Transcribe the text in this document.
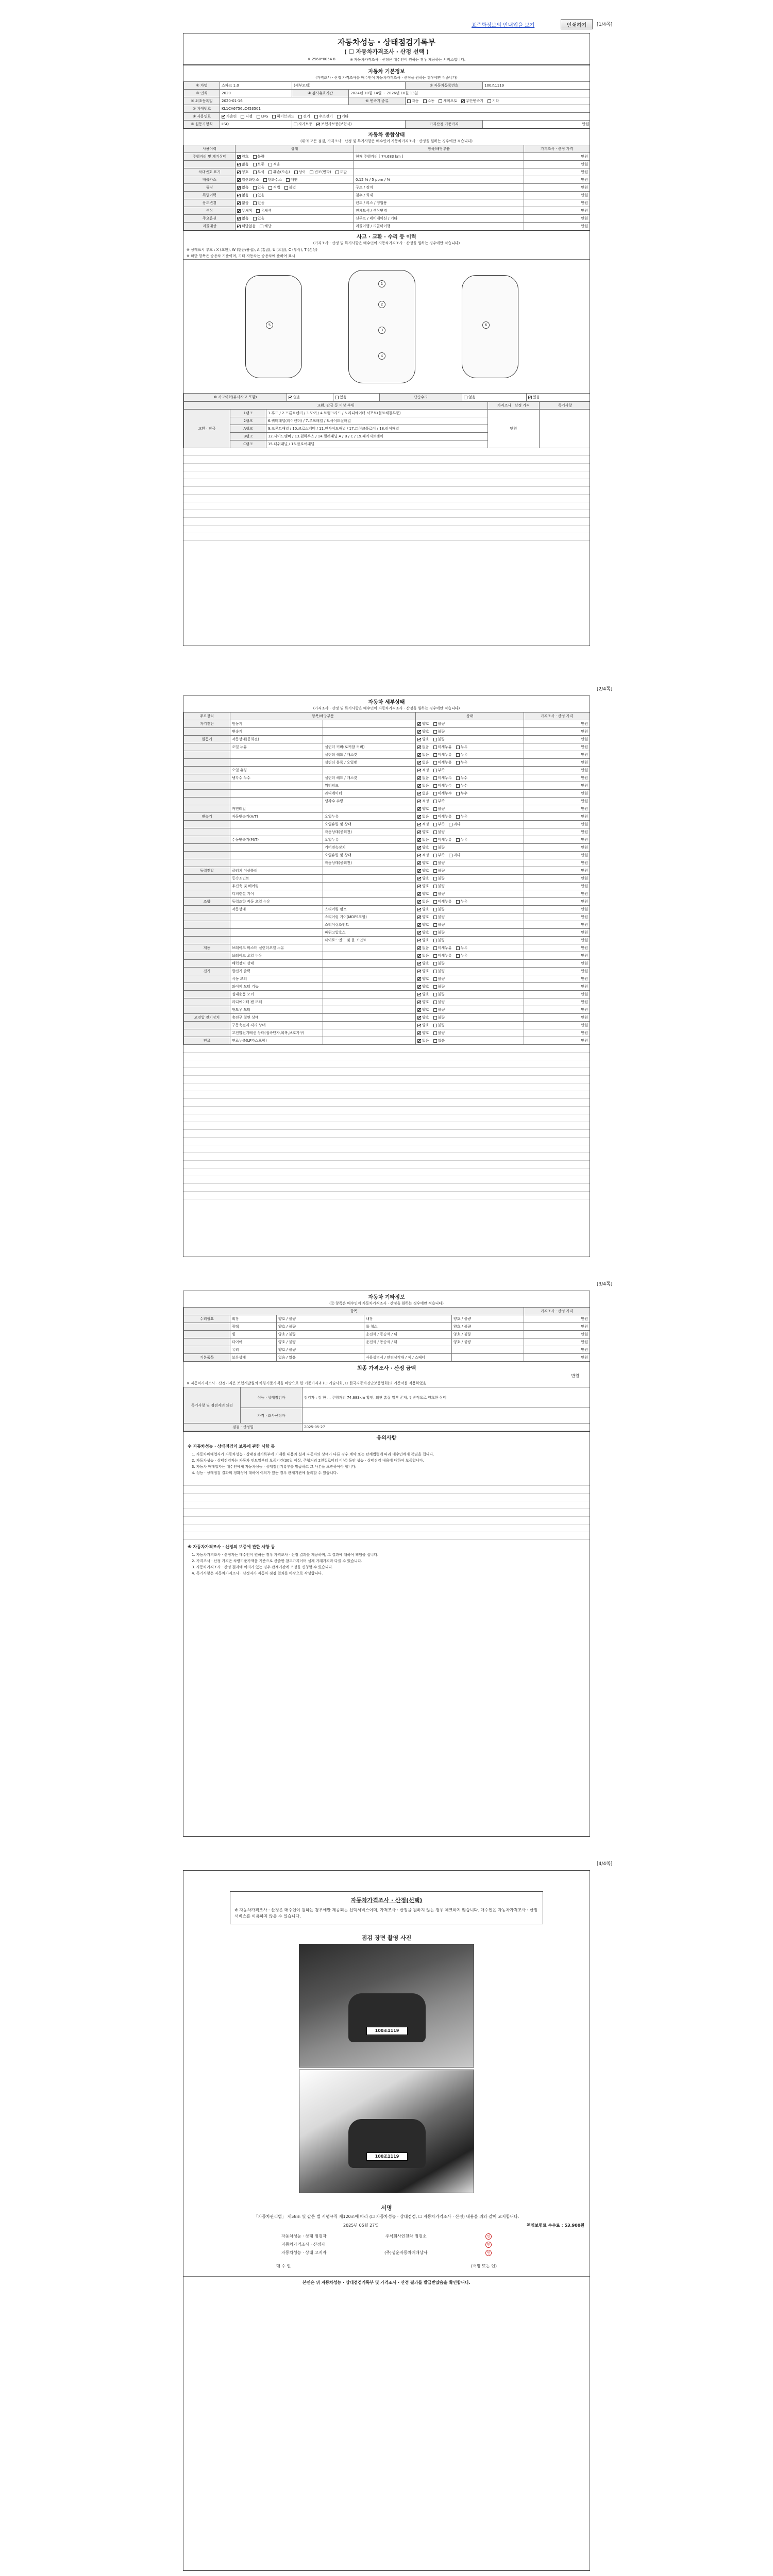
표준화정보의 안내입을 보기	인쇄하기	[1/4쪽]
자동차성능 · 상태점검기록부
( ☐ 자동차가격조사 · 산정 선택 )
※ 2560*0054 8	※ 자동차가격조사 · 산정은 매수인이 원하는 경우 제공하는 서비스입니다.
자동차 기본정보
(가격조사 · 산정 가격조사를 매수인이 자동차가격조사 · 산정을 원하는 경우에만 적습니다)
① 차명	스파크 1.0	(세부모델)		② 자동차등록번호	100조1119
③ 연식	2020	④ 검사유효기간	2024년 10월 14일 ~ 2026년 10월 13일		
⑤ 최초등록일	2020-01-16		⑥ 변속기 종류	자동 수동 세미오토 무단변속기 기타	
⑦ 차대번호	KL1CA6756LC453501				
⑧ 사용연료	가솔린 디젤 LPG 하이브리드 전기 수소전기 기타				
⑨ 원동기형식	LSQ	자가보증 보험사보증(보험사)		가격산정 기준가격	만원
자동차 종합상태
(위의 모든 점검, 가격조사 · 산정 및 특기사항은 매수인이 자동차가격조사 · 산정을 원하는 경우에만 적습니다)
사용이력	상태	항목/해당부품	가격조사 · 산정 가격
주행거리 및 계기상태	양호 불량	현재 주행거리 [ 74,683 km ]	만원
	많음 보통 적음		만원
차대번호 표기	양호 부식 훼손(오손) 상이 변조(변타) 도말		만원
배출가스	일산화탄소 탄화수소 매연	0.12 % / 5 ppm / %	만원
튜닝	없음 있음 적법 불법	구조 / 장치	만원
특별이력	없음 있음	침수 / 화재	만원
용도변경	없음 있음	렌트 / 리스 / 영업용	만원
색상	무채색 유채색	전체도색 / 색상변경	만원
주요옵션	없음 있음	선루프 / 네비게이션 / 기타	만원
리콜대상	해당없음 해당	리콜이행 / 리콜미이행	만원
사고 · 교환 · 수리 등 이력
(가격조사 · 산정 및 특기사항은 매수인이 자동차가격조사 · 산정을 원하는 경우에만 적습니다)
※ 상태표시 부호 : X (교환), W (판금/용접), A (흠집), U (요철), C (부식), T (손상)
※ 하단 항목은 승용차 기준이며, 기타 자동차는 승용차에 준하여 표시
1
2
3
4
5	6
⑩ 사고이력(유사사고 포함)	없음	있음	단순수리	없음	있음
교환, 판금 등 이상 부위			가격조사 · 산정 가격	특기사항
교환 · 판금	1랭크	1.후드 / 2.프론트펜더 / 3.도어 / 4.트렁크리드 / 5.라디에이터 서포트(볼트체결부품)	만원	
	2랭크	6.쿼터패널(리어펜더) / 7.루프패널 / 8.사이드실패널		
	A랭크	9.프론트패널 / 10.크로스멤버 / 11.인사이드패널 / 17.트렁크플로어 / 18.리어패널		
	B랭크	12.사이드멤버 / 13.휠하우스 / 14.필러패널 A / B / C / 19.패키지트레이		
	C랭크	15.대쉬패널 / 16.플로어패널		
[2/4쪽]
자동차 세부상태
(가격조사 · 산정 및 특기사항은 매수인이 자동차가격조사 · 산정을 원하는 경우에만 적습니다)
주요장치	항목/해당부품		상태	가격조사 · 산정 가격
자기진단	원동기		양호 불량	만원
	변속기		양호 불량	만원
원동기	작동상태(공회전)		양호 불량	만원
	오일 누유	실린더 커버(로커암 커버)	없음 미세누유 누유	만원
		실린더 헤드 / 개스킷	없음 미세누유 누유	만원
		실린더 블록 / 오일팬	없음 미세누유 누유	만원
	오일 유량		적정 부족	만원
	냉각수 누수	실린더 헤드 / 개스킷	없음 미세누수 누수	만원
		워터펌프	없음 미세누수 누수	만원
		라디에이터	없음 미세누수 누수	만원
		냉각수 수량	적정 부족	만원
	커먼레일		양호 불량	만원
변속기	자동변속기(A/T)	오일누유	없음 미세누유 누유	만원
		오일유량 및 상태	적정 부족 과다	만원
		작동상태(공회전)	양호 불량	만원
	수동변속기(M/T)	오일누유	없음 미세누유 누유	만원
		기어변속장치	양호 불량	만원
		오일유량 및 상태	적정 부족 과다	만원
		작동상태(공회전)	양호 불량	만원
동력전달	클러치 어셈블리		양호 불량	만원
	등속조인트		양호 불량	만원
	추진축 및 베어링		양호 불량	만원
	디퍼렌셜 기어		양호 불량	만원
조향	동력조향 작동 오일 누유		없음 미세누유 누유	만원
	작동상태	스티어링 펌프	양호 불량	만원
		스티어링 기어(MDPS포함)	양호 불량	만원
		스티어링조인트	양호 불량	만원
		파워고압호스	양호 불량	만원
		타이로드엔드 및 볼 조인트	양호 불량	만원
제동	브레이크 마스터 실린더오일 누유		없음 미세누유 누유	만원
	브레이크 오일 누유		없음 미세누유 누유	만원
	배력장치 상태		양호 불량	만원
전기	발전기 출력		양호 불량	만원
	시동 모터		양호 불량	만원
	와이퍼 모터 기능		양호 불량	만원
	실내송풍 모터		양호 불량	만원
	라디에이터 팬 모터		양호 불량	만원
	윈도우 모터		양호 불량	만원
고전압 전기장치	충전구 절연 상태		양호 불량	만원
	구동축전지 격리 상태		양호 불량	만원
	고전압전기배선 상태(접속단자,피복,보호기구)		양호 불량	만원
연료	연료누출(LP가스포함)		없음 있음	만원
[3/4쪽]
자동차 기타정보
(⑫ 항목은 매수인이 자동차가격조사 · 산정을 원하는 경우에만 적습니다)
항목					가격조사 · 산정 가격
수리필요	외장	양호 / 불량	내장	양호 / 불량	만원
	광택	양호 / 불량	룸 청소	양호 / 불량	만원
	휠	양호 / 불량	운전석 / 동승석 / 뒤	양호 / 불량	만원
	타이어	양호 / 불량	운전석 / 동승석 / 뒤	양호 / 불량	만원
	유리	양호 / 불량			만원
기본품목	보유상태	없음 / 있음	사용설명서 / 안전삼각대 / 잭 / 스패너		만원
최종 가격조사 · 산정 금액
만원
※ 자동차가격조사 · 산정가격은 보험개발원의 차량기준가액을 바탕으로 한 기준가격과 (☐ 기술사회, ☐ 한국자동차진단보증협회)의 기준서를 적용하였음
특기사항 및 점검자의 의견	성능 · 상태점검자	점검자 : 김 한 ... 주행거리 74,683km 확인, 외관 흠집 일부 존재, 전반적으로 양호한 상태
	가격 · 조사산정자	
점검 · 산정일		2025-05-27
유의사항
※ 자동차성능 · 상태점검의 보증에 관한 사항 등
1. 자동차매매업자가 자동차성능 · 상태점검기록부에 기재한 내용과 실제 자동차의 상태가 다른 경우 계약 또는 관계법령에 따라 매수인에게 책임을 집니다.
2. 자동차성능 · 상태점검자는 자동차 인도일부터 보증기간(30일 이상, 주행거리 2천킬로미터 이상) 동안 성능 · 상태점검 내용에 대하여 보증합니다.
3. 자동차 매매업자는 매수인에게 자동차성능 · 상태점검기록부를 발급하고 그 사본을 보관하여야 합니다.
4. 성능 · 상태점검 결과의 정확성에 대하여 이의가 있는 경우 관계기관에 문의할 수 있습니다.
※ 자동차가격조사 · 산정의 보증에 관한 사항 등
1. 자동차가격조사 · 산정자는 매수인이 원하는 경우 가격조사 · 산정 결과를 제공하며, 그 결과에 대하여 책임을 집니다.
2. 가격조사 · 산정 가격은 차량기준가액을 기준으로 산출한 참고가격이며 실제 거래가격과 다를 수 있습니다.
3. 자동차가격조사 · 산정 결과에 이의가 있는 경우 관계기관에 조정을 신청할 수 있습니다.
4. 특기사항은 자동차가격조사 · 산정자가 자동차 점검 결과를 바탕으로 작성합니다.
[4/4쪽]
자동차가격조사 · 산정(선택)
※ 자동차가격조사 · 산정은 매수인이 원하는 경우에만 제공되는 선택서비스이며, 가격조사 · 산정을 원하지 않는 경우 체크하지 않습니다. 매수인은 자동차가격조사 · 산정 서비스를 이용하지 않을 수 있습니다.
점검 장면 촬영 사진
100조1119
100조1119
서명
「자동차관리법」 제58조 및 같은 법 시행규칙 제120조에 따라 (☐ 자동차성능 · 상태점검, ☐ 자동차가격조사 · 산정) 내용을 위와 같이 고지합니다.
2025년 05월 27일	책임보험료 수수료 : 53,900원
자동차성능 · 상태 점검자	주식회사인천차 점검소	인
자동차가격조사 · 산정자	인
자동차성능 · 상태 고지자	(주)성운자동차매매상사	인
매 수 인	(서명 또는 인)
본인은 위 자동차성능 · 상태점검기록부 및 가격조사 · 산정 결과를 발급받았음을 확인합니다.
